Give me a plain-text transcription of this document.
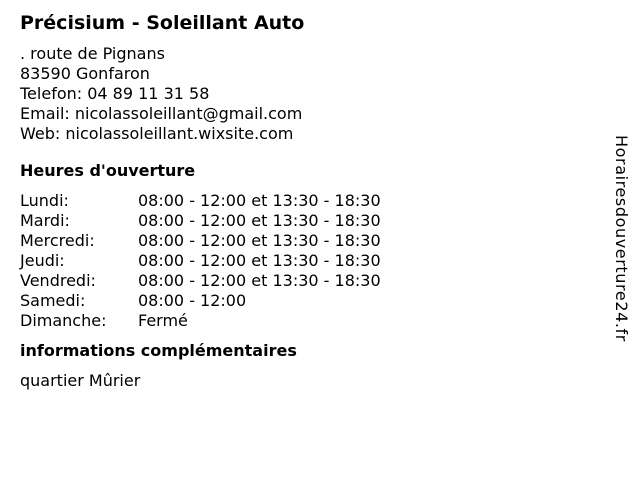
Précisium - Soleillant Auto
. route de Pignans
83590 Gonfaron
Telefon: 04 89 11 31 58
Email: nicolassoleillant@gmail.com
Web: nicolassoleillant.wixsite.com
Heures d'ouverture
Lundi:	08:00 - 12:00 et 13:30 - 18:30
Mardi:	08:00 - 12:00 et 13:30 - 18:30
Mercredi:	08:00 - 12:00 et 13:30 - 18:30
Jeudi:	08:00 - 12:00 et 13:30 - 18:30
Vendredi:	08:00 - 12:00 et 13:30 - 18:30
Samedi:	08:00 - 12:00
Dimanche:	Fermé
informations complémentaires
quartier Mûrier
Horairesdouverture24.fr
